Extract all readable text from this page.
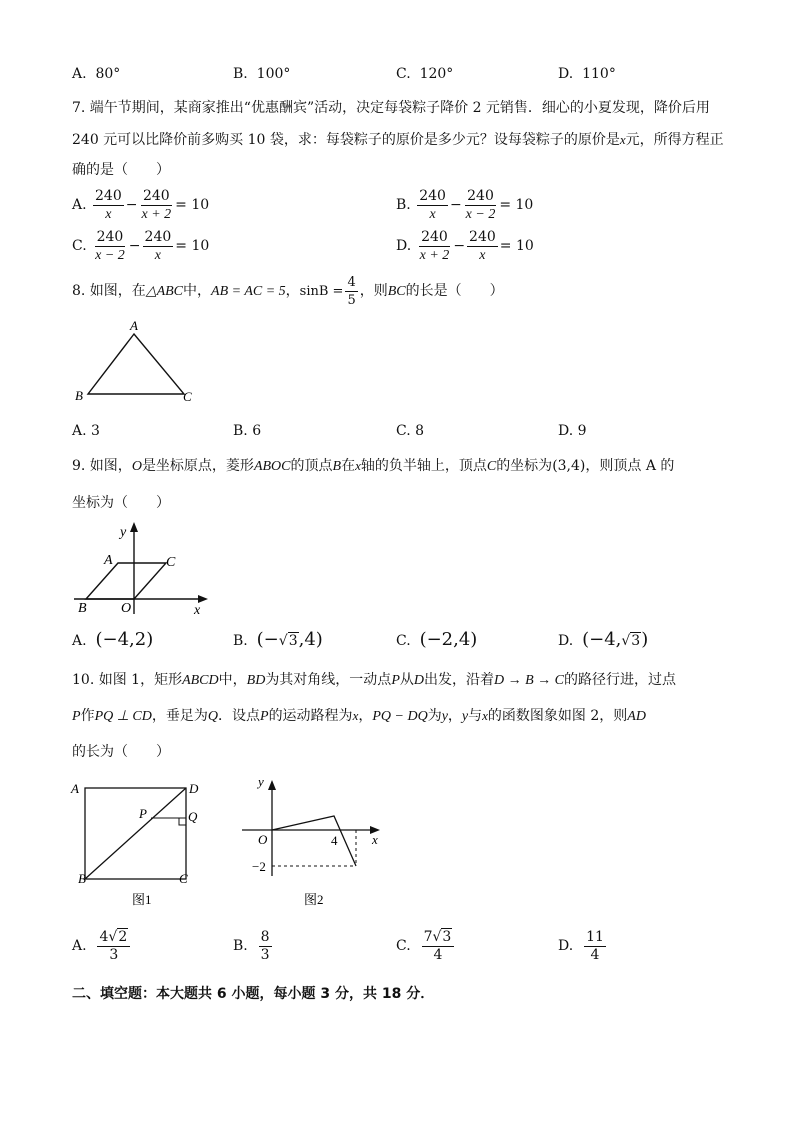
A. 80°	B. 100°	C. 120°	D. 110°
7. 端午节期间，某商家推出“优惠酬宾”活动，决定每袋粽子降价 2 元销售．细心的小夏发现，降价后用
240 元可以比降价前多购买 10 袋，求：每袋粽子的原价是多少元？设每袋粽子的原价是x元，所得方程正
确的是（　　）
A. $\frac{240}{x} - \frac{240}{x + 2} = 10$	B. $\frac{240}{x} - \frac{240}{x - 2} = 10$
C. $\frac{240}{x - 2} - \frac{240}{x} = 10$	D. $\frac{240}{x + 2} - \frac{240}{x} = 10$
8. 如图，在△ABC中，AB = AC = 5，$\sin B = \frac{4}{5}$ ，则BC的长是（　　）
A
B	C
A. 3	B. 6	C. 8	D. 9
9. 如图，O是坐标原点，菱形ABOC的顶点B在x轴的负半轴上，顶点C的坐标为(3,4)，则顶点 A 的
坐标为（　　）
y
x
A	C
B O
A. (−4,2)	B. (−√3,4)	C. (−2,4)	D. (−4,√3)
10. 如图 1，矩形ABCD中，BD为其对角线，一动点P从D出发，沿着D → B → C的路径行进，过点
P作PQ ⊥ CD，垂足为Q．设点P的运动路程为x，PQ − DQ为y，y与x的函数图象如图 2，则AD
的长为（　　）
A	D
P	Q
B	C
图1
y
O	4	x
−2
图2
A. $\frac{4√2}{3}$	B. $\frac{8}{3}$	C. $\frac{7√3}{4}$	D. $\frac{11}{4}$
二、填空题：本大题共 6 小题，每小题 3 分，共 18 分．
